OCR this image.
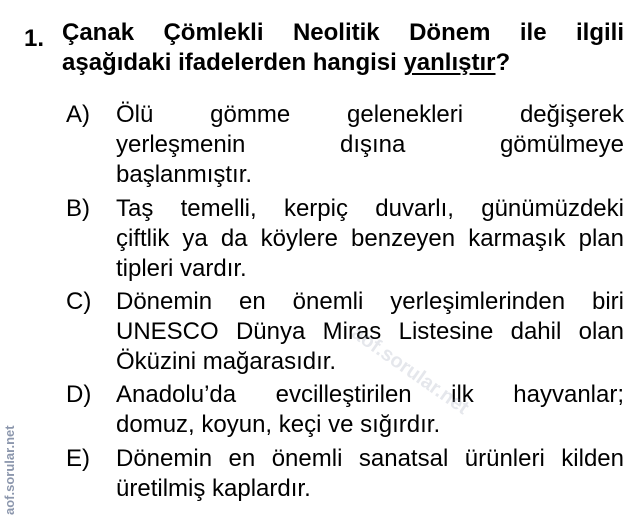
1. Çanak Çömlekli Neolitik Dönem ile ilgili
aşağıdaki ifadelerden hangisi yanlıştır?
A)	Ölü gömme gelenekleri değişerek
yerleşmenin dışına gömülmeye
başlanmıştır.
B)	Taş temelli, kerpiç duvarlı, günümüzdeki
çiftlik ya da köylere benzeyen karmaşık plan
tipleri vardır.
C)	Dönemin en önemli yerleşimlerinden biri
UNESCO Dünya Miras Listesine dahil olan
Öküzini mağarasıdır.
D)	Anadolu’da evcilleştirilen ilk hayvanlar;
domuz, koyun, keçi ve sığırdır.
E)	Dönemin en önemli sanatsal ürünleri kilden
üretilmiş kaplardır.
aof.sorular.net
aof.sorular.net
